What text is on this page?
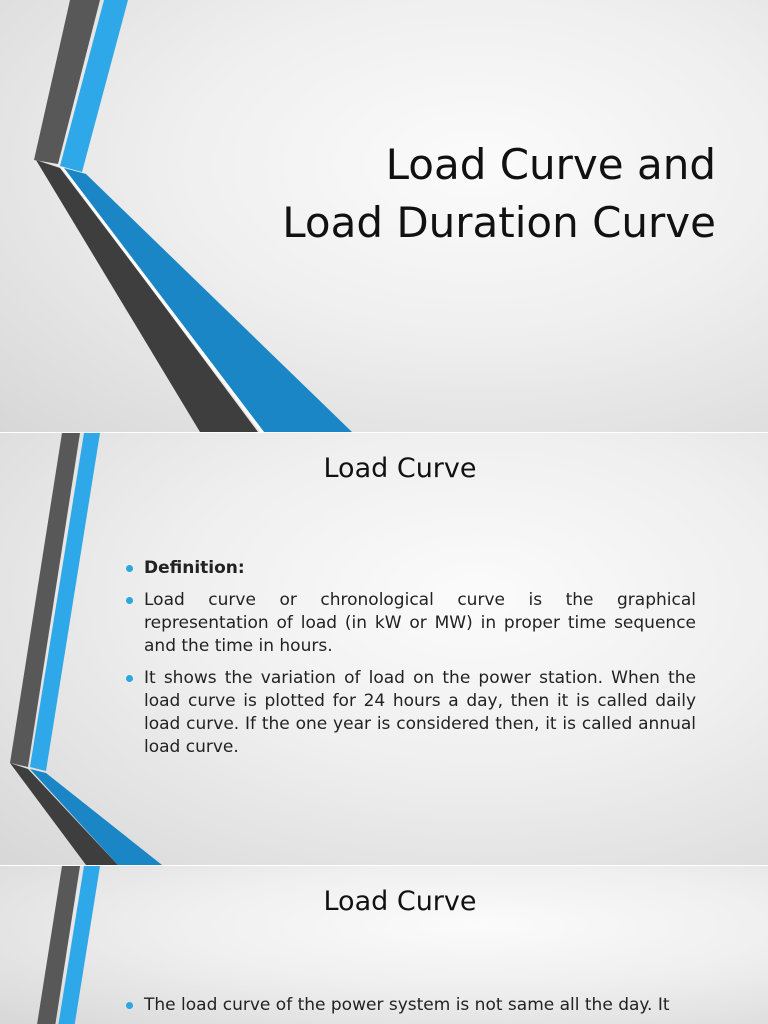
Load Curve and
Load Duration Curve
Load Curve
Definition:
Load curve or chronological curve is the graphical representation of load (in kW or MW) in proper time sequence and the time in hours.
It shows the variation of load on the power station. When the load curve is plotted for 24 hours a day, then it is called daily load curve. If the one year is considered then, it is called annual load curve.
Load Curve
The load curve of the power system is not same all the day. It
